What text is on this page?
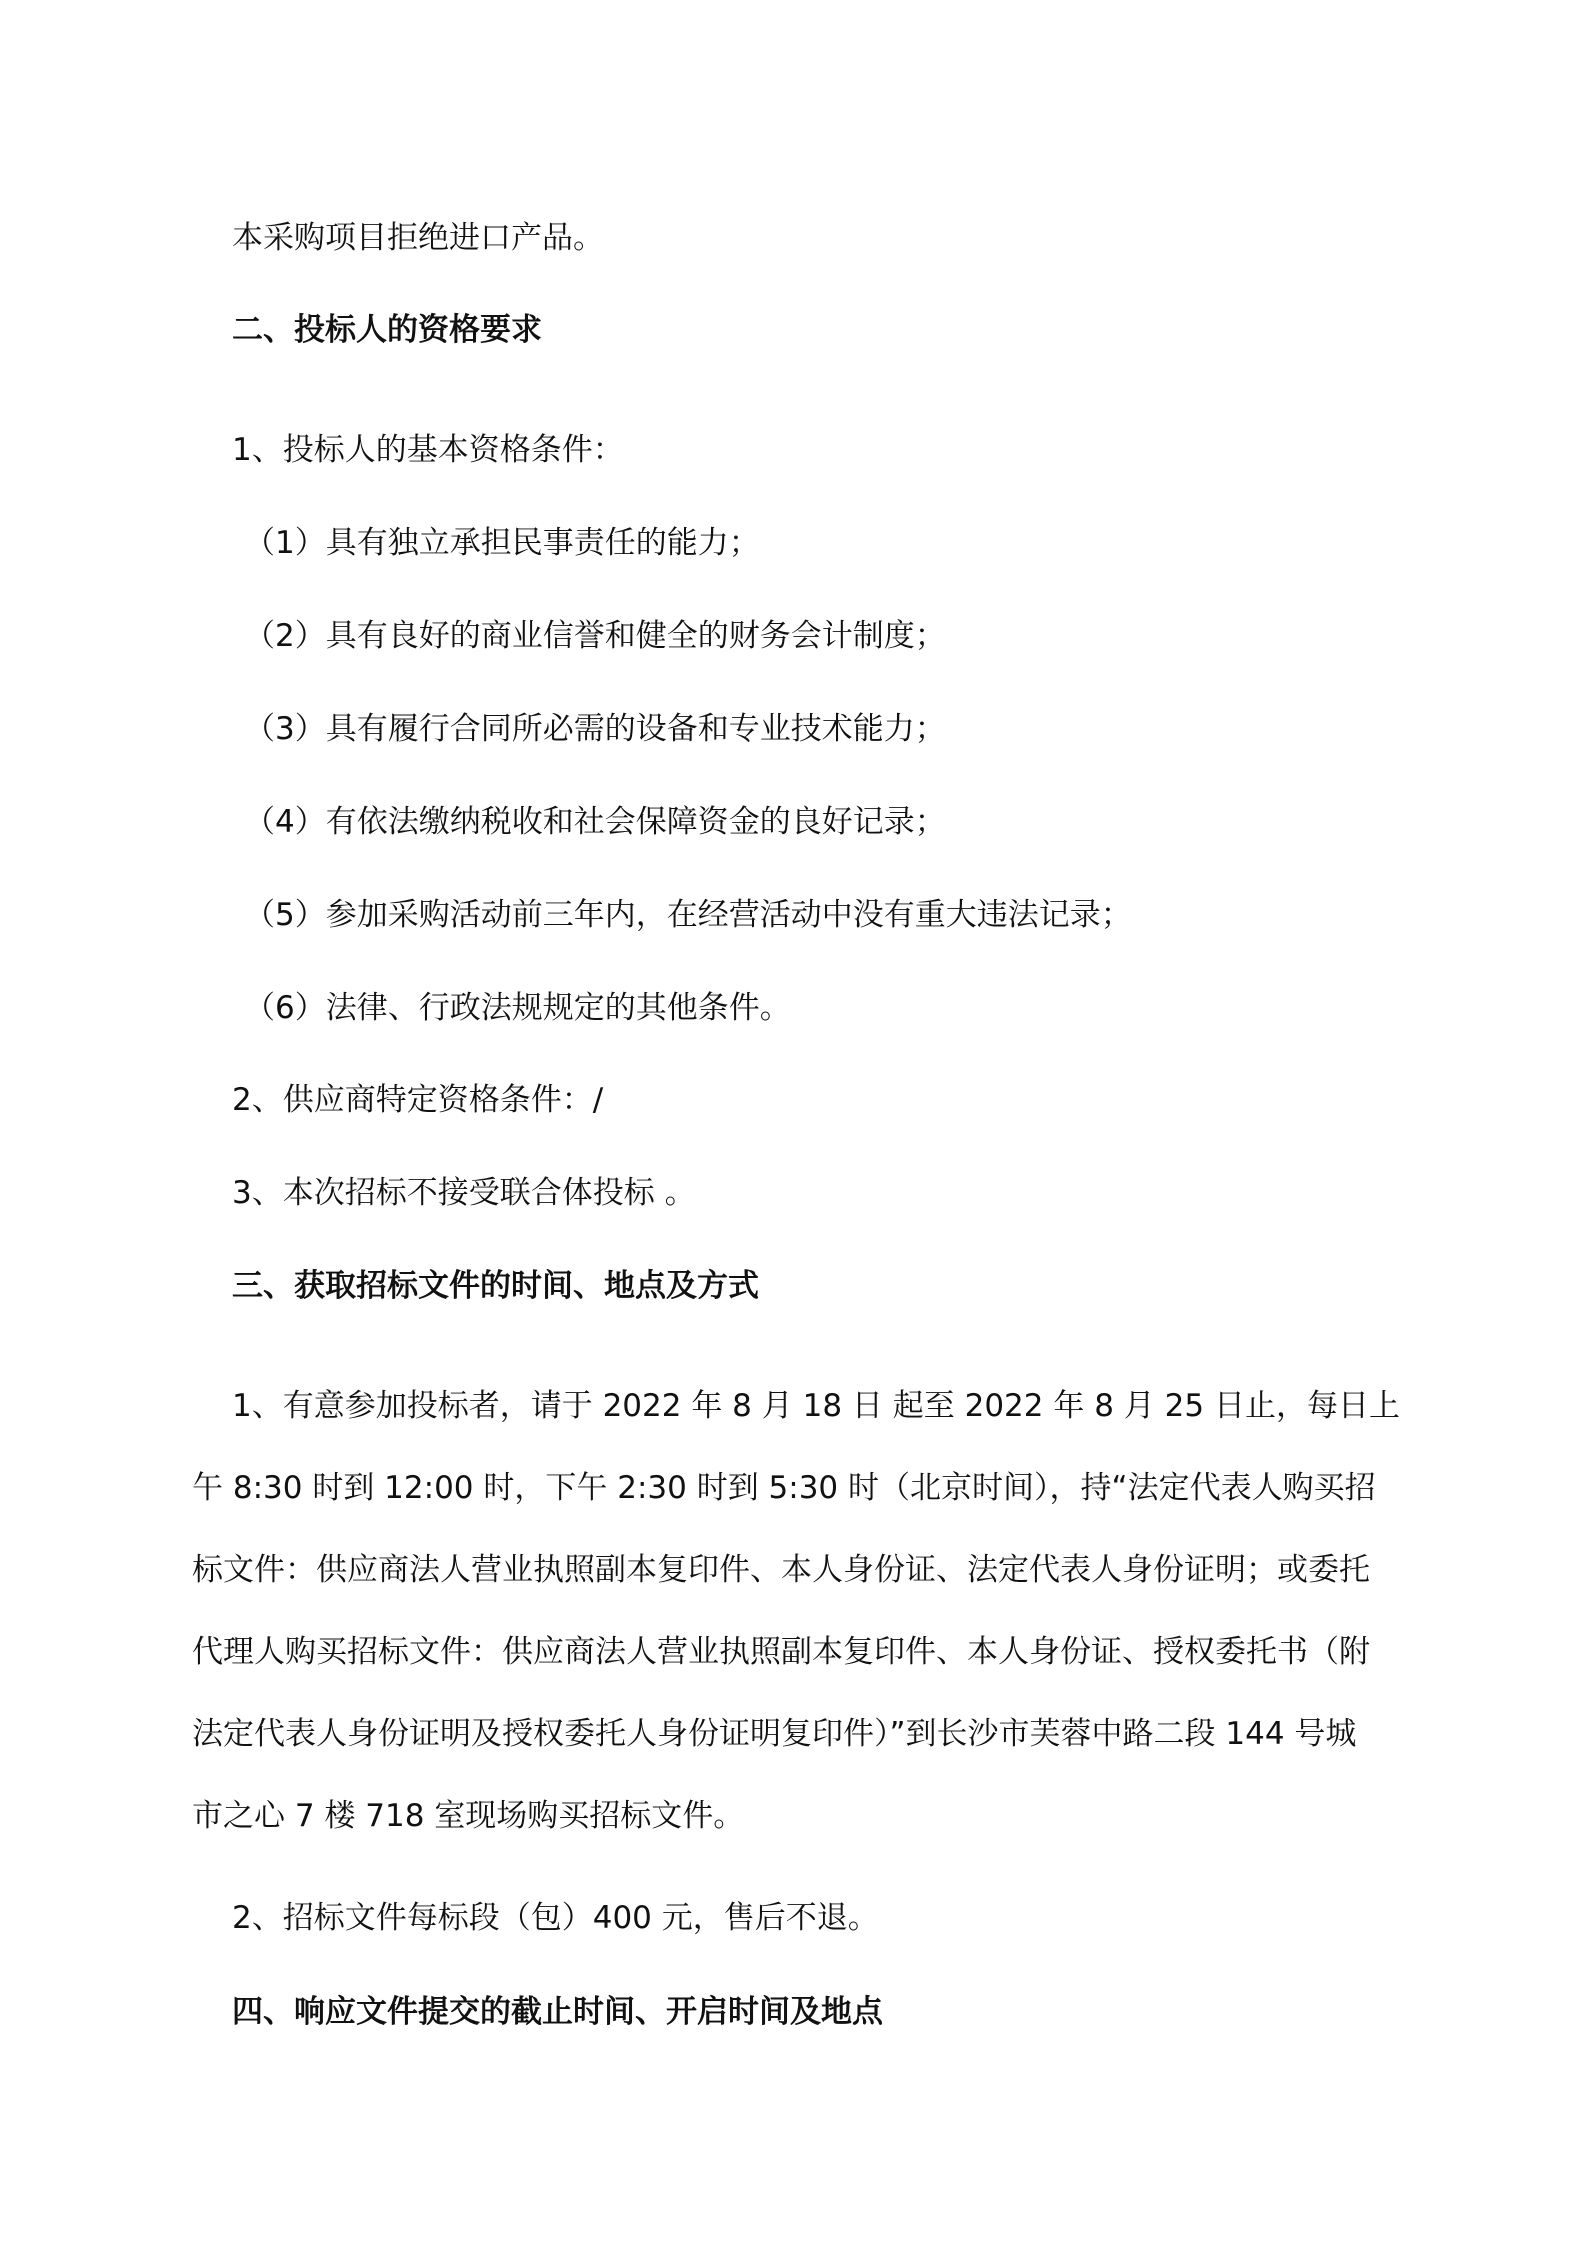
本采购项目拒绝进口产品。
二、投标人的资格要求
1、投标人的基本资格条件：
（1）具有独立承担民事责任的能力；
（2）具有良好的商业信誉和健全的财务会计制度；
（3）具有履行合同所必需的设备和专业技术能力；
（4）有依法缴纳税收和社会保障资金的良好记录；
（5）参加采购活动前三年内，在经营活动中没有重大违法记录；
（6）法律、行政法规规定的其他条件。
2、供应商特定资格条件：/
3、本次招标不接受联合体投标 。
三、获取招标文件的时间、地点及方式
1、有意参加投标者，请于 2022 年 8 月 18 日 起至 2022 年 8 月 25 日止，每日上
午 8:30 时到 12:00 时，下午 2:30 时到 5:30 时（北京时间），持“法定代表人购买招
标文件：供应商法人营业执照副本复印件、本人身份证、法定代表人身份证明；或委托
代理人购买招标文件：供应商法人营业执照副本复印件、本人身份证、授权委托书（附
法定代表人身份证明及授权委托人身份证明复印件）”到长沙市芙蓉中路二段 144 号城
市之心 7 楼 718 室现场购买招标文件。
2、招标文件每标段（包）400 元，售后不退。
四、响应文件提交的截止时间、开启时间及地点
